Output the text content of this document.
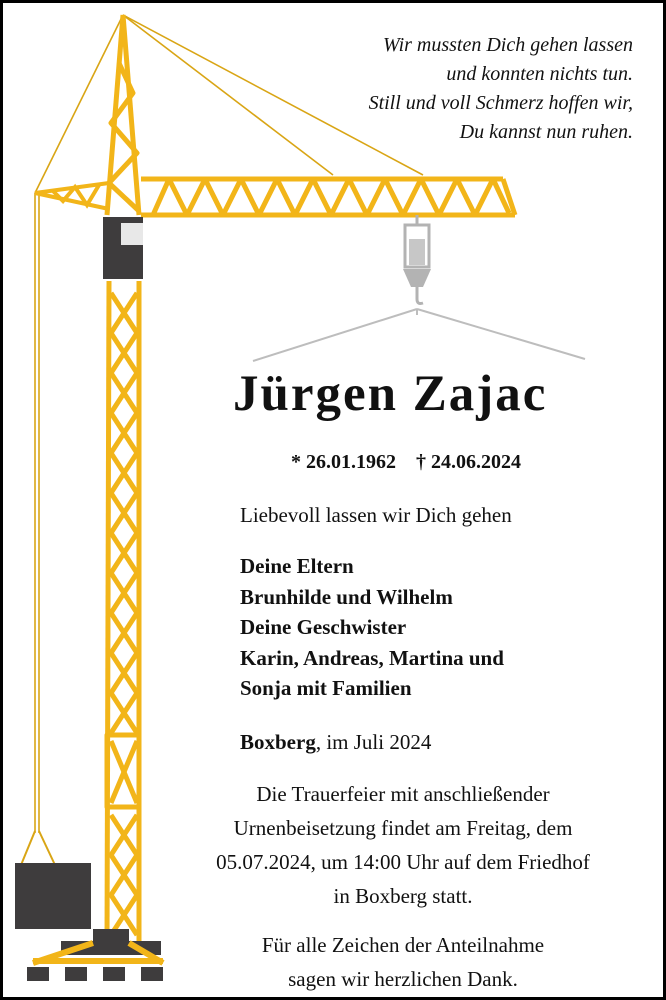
Wir mussten Dich gehen lassen
und konnten nichts tun.
Still und voll Schmerz hoffen wir,
Du kannst nun ruhen.
Jürgen Zajac
* 26.01.1962 † 24.06.2024
Liebevoll lassen wir Dich gehen
Deine Eltern
Brunhilde und Wilhelm
Deine Geschwister
Karin, Andreas, Martina und
Sonja mit Familien
Boxberg, im Juli 2024
Die Trauerfeier mit anschließender
Urnenbeisetzung findet am Freitag, dem
05.07.2024, um 14:00 Uhr auf dem Friedhof
in Boxberg statt.
Für alle Zeichen der Anteilnahme
sagen wir herzlichen Dank.
